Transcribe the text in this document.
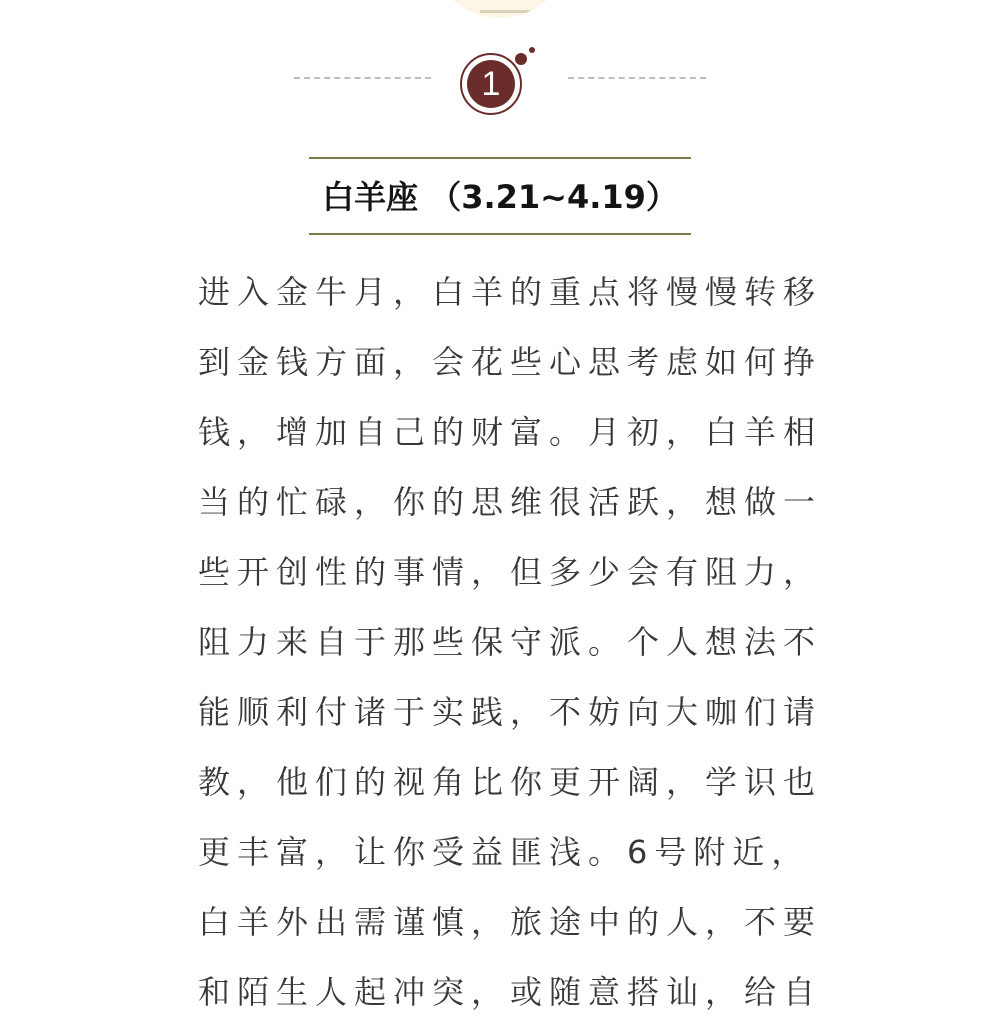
1
白羊座 （3.21~4.19）
进入金牛月，白羊的重点将慢慢转移
到金钱方面，会花些心思考虑如何挣
钱，增加自己的财富。月初，白羊相
当的忙碌，你的思维很活跃，想做一
些开创性的事情，但多少会有阻力，
阻力来自于那些保守派。个人想法不
能顺利付诸于实践，不妨向大咖们请
教，他们的视角比你更开阔，学识也
更丰富，让你受益匪浅。6号附近，
白羊外出需谨慎，旅途中的人，不要
和陌生人起冲突，或随意搭讪，给自
